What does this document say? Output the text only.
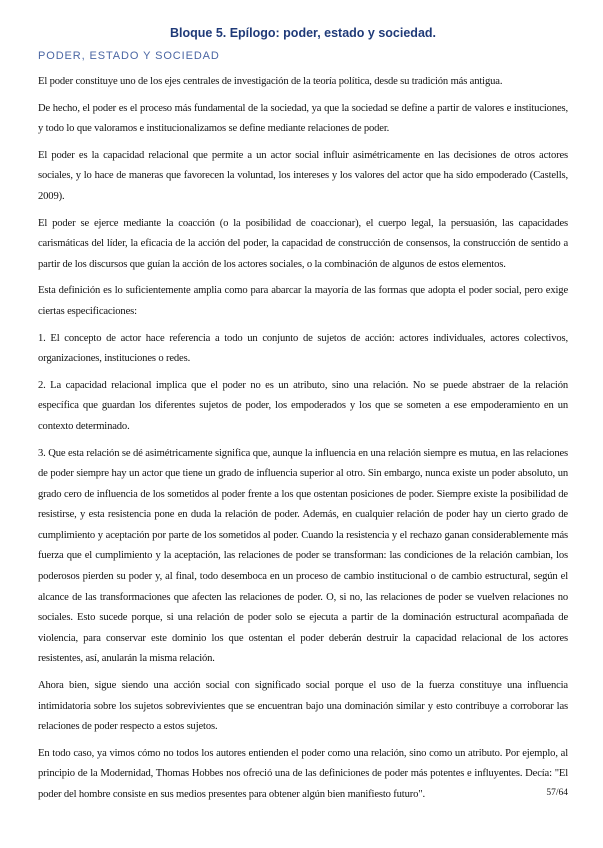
Bloque 5. Epílogo: poder, estado y sociedad.
PODER, ESTADO Y SOCIEDAD

El poder constituye uno de los ejes centrales de investigación de la teoría política, desde su tradición más antigua.

De hecho, el poder es el proceso más fundamental de la sociedad, ya que la sociedad se define a partir de valores e instituciones, y todo lo que valoramos e institucionalizamos se define mediante relaciones de poder.

El poder es la capacidad relacional que permite a un actor social influir asimétricamente en las decisiones de otros actores sociales, y lo hace de maneras que favorecen la voluntad, los intereses y los valores del actor que ha sido empoderado (Castells, 2009).

El poder se ejerce mediante la coacción (o la posibilidad de coaccionar), el cuerpo legal, la persuasión, las capacidades carismáticas del líder, la eficacia de la acción del poder, la capacidad de construcción de consensos, la construcción de sentido a partir de los discursos que guían la acción de los actores sociales, o la combinación de algunos de estos elementos.

Esta definición es lo suficientemente amplia como para abarcar la mayoría de las formas que adopta el poder social, pero exige ciertas especificaciones:

1. El concepto de actor hace referencia a todo un conjunto de sujetos de acción: actores individuales, actores colectivos, organizaciones, instituciones o redes.

2. La capacidad relacional implica que el poder no es un atributo, sino una relación. No se puede abstraer de la relación específica que guardan los diferentes sujetos de poder, los empoderados y los que se someten a ese empoderamiento en un contexto determinado.

3. Que esta relación se dé asimétricamente significa que, aunque la influencia en una relación siempre es mutua, en las relaciones de poder siempre hay un actor que tiene un grado de influencia superior al otro. Sin embargo, nunca existe un poder absoluto, un grado cero de influencia de los sometidos al poder frente a los que ostentan posiciones de poder. Siempre existe la posibilidad de resistirse, y esta resistencia pone en duda la relación de poder. Además, en cualquier relación de poder hay un cierto grado de cumplimiento y aceptación por parte de los sometidos al poder. Cuando la resistencia y el rechazo ganan considerablemente más fuerza que el cumplimiento y la aceptación, las relaciones de poder se transforman: las condiciones de la relación cambian, los poderosos pierden su poder y, al final, todo desemboca en un proceso de cambio institucional o de cambio estructural, según el alcance de las transformaciones que afecten las relaciones de poder. O, si no, las relaciones de poder se vuelven relaciones no sociales. Esto sucede porque, si una relación de poder solo se ejecuta a partir de la dominación estructural acompañada de violencia, para conservar este dominio los que ostentan el poder deberán destruir la capacidad relacional de los actores resistentes, así, anularán la misma relación.

Ahora bien, sigue siendo una acción social con significado social porque el uso de la fuerza constituye una influencia intimidatoria sobre los sujetos sobrevivientes que se encuentran bajo una dominación similar y esto contribuye a corroborar las relaciones de poder respecto a estos sujetos.

En todo caso, ya vimos cómo no todos los autores entienden el poder como una relación, sino como un atributo. Por ejemplo, al principio de la Modernidad, Thomas Hobbes nos ofreció una de las definiciones de poder más potentes e influyentes. Decía: "El poder del hombre consiste en sus medios presentes para obtener algún bien manifiesto futuro".	57/64
